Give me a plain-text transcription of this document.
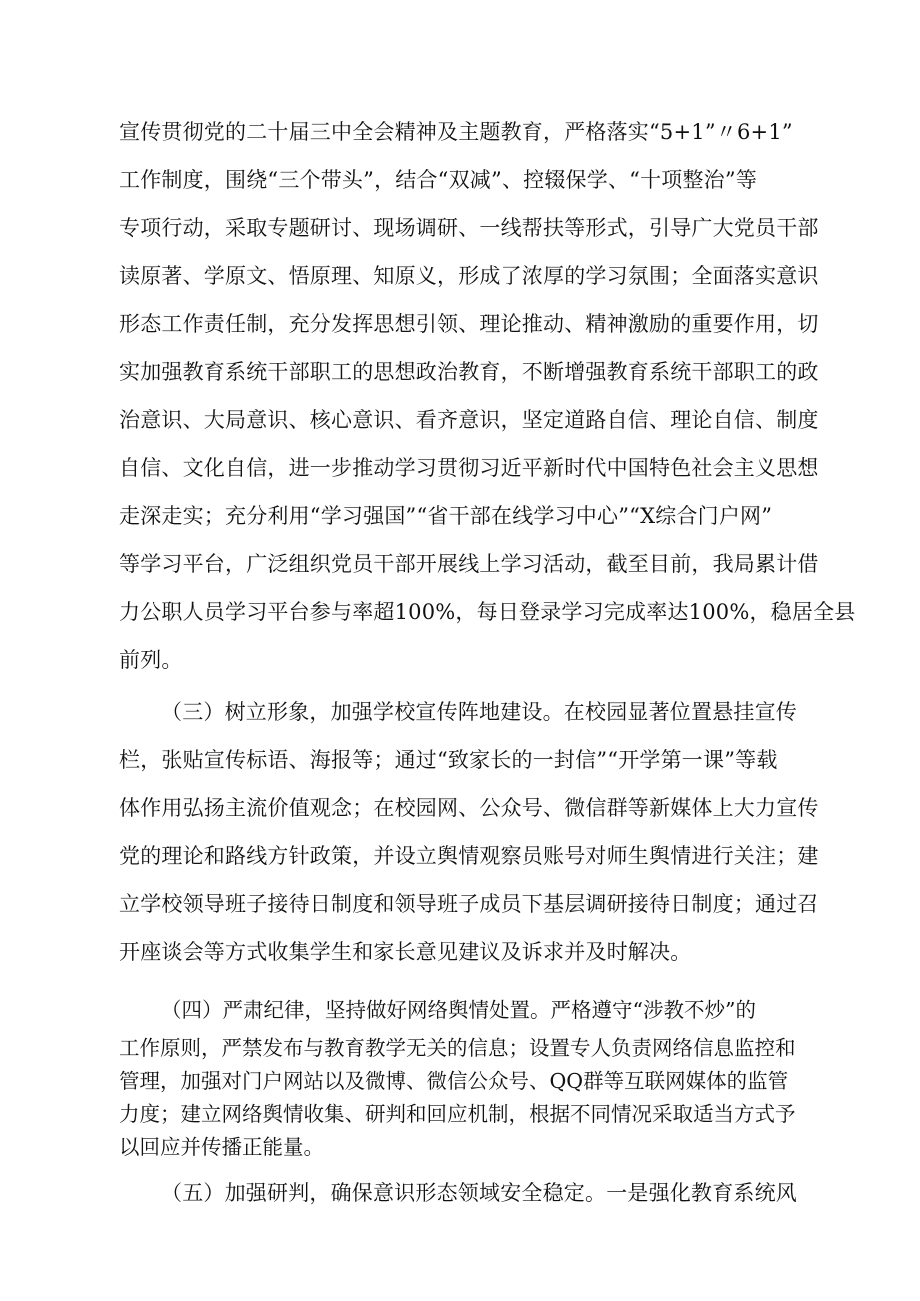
宣传贯彻党的二十届三中全会精神及主题教育，严格落实“5+1”〃6+1”
工作制度，围绕“三个带头”，结合“双减”、控辍保学、“十项整治”等
专项行动，采取专题研讨、现场调研、一线帮扶等形式，引导广大党员干部
读原著、学原文、悟原理、知原义，形成了浓厚的学习氛围；全面落实意识
形态工作责任制，充分发挥思想引领、理论推动、精神激励的重要作用，切
实加强教育系统干部职工的思想政治教育，不断增强教育系统干部职工的政
治意识、大局意识、核心意识、看齐意识，坚定道路自信、理论自信、制度
自信、文化自信，进一步推动学习贯彻习近平新时代中国特色社会主义思想
走深走实；充分利用“学习强国”“省干部在线学习中心”“X综合门户网”
等学习平台，广泛组织党员干部开展线上学习活动，截至目前，我局累计借
力公职人员学习平台参与率超100%，每日登录学习完成率达100%，稳居全县
前列。
（三）树立形象，加强学校宣传阵地建设。在校园显著位置悬挂宣传
栏，张贴宣传标语、海报等；通过“致家长的一封信”“开学第一课”等载
体作用弘扬主流价值观念；在校园网、公众号、微信群等新媒体上大力宣传
党的理论和路线方针政策，并设立舆情观察员账号对师生舆情进行关注；建
立学校领导班子接待日制度和领导班子成员下基层调研接待日制度；通过召
开座谈会等方式收集学生和家长意见建议及诉求并及时解决。
（四）严肃纪律，坚持做好网络舆情处置。严格遵守“涉教不炒”的
工作原则，严禁发布与教育教学无关的信息；设置专人负责网络信息监控和
管理，加强对门户网站以及微博、微信公众号、QQ群等互联网媒体的监管
力度；建立网络舆情收集、研判和回应机制，根据不同情况采取适当方式予
以回应并传播正能量。
（五）加强研判，确保意识形态领域安全稳定。一是强化教育系统风
